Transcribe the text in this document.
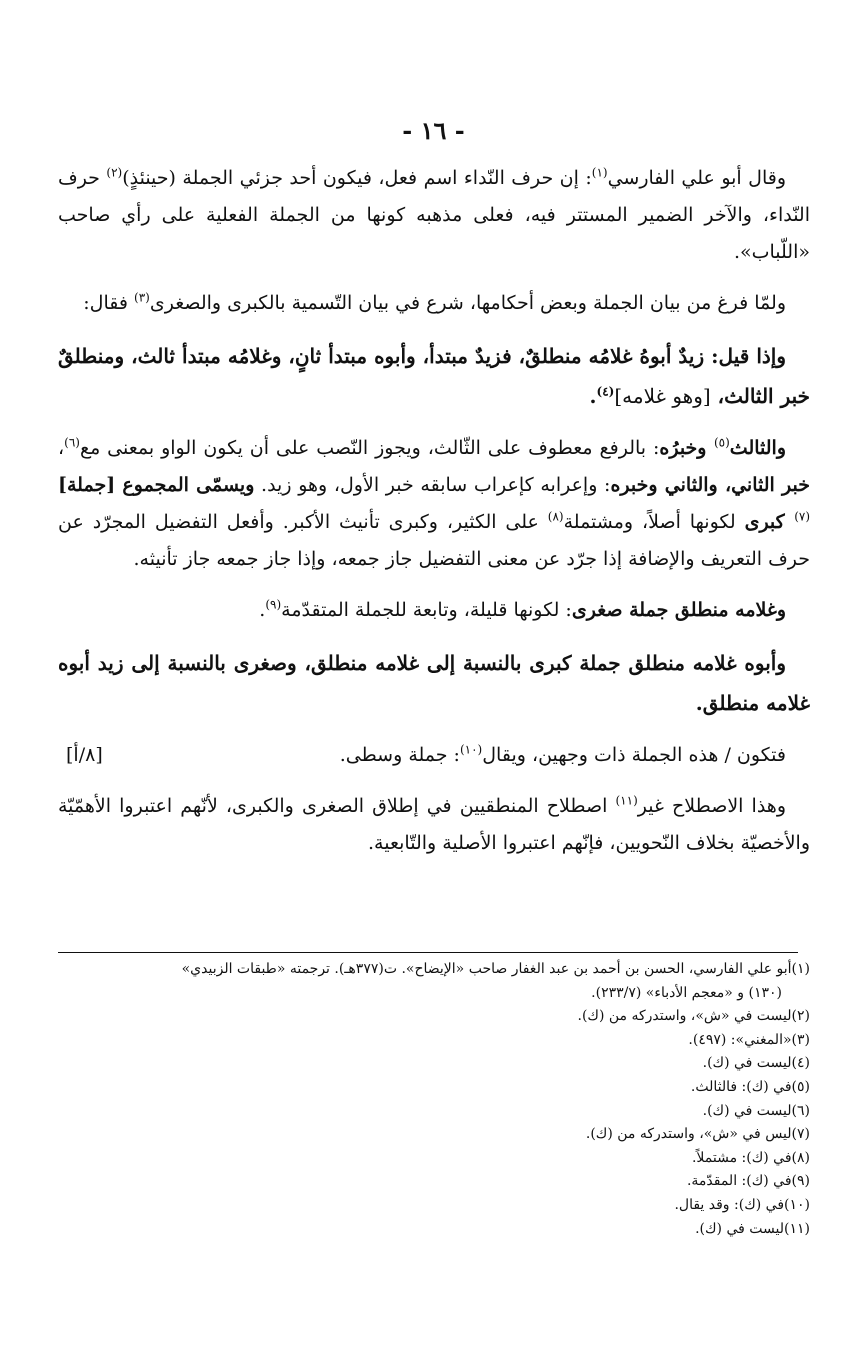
- ١٦ -

وقال أبو علي الفارسي$^{(١)}$: إن حرف النّداء اسم فعل، فيكون أحد جزئي الجملة (حينئذٍ)$^{(٢)}$ حرف النّداء، والآخر الضمير المستتر فيه، فعلى مذهبه كونها من الجملة الفعلية على رأي صاحب «اللّباب».

ولمّا فرغ من بيان الجملة وبعض أحكامها، شرع في بيان التّسمية بالكبرى والصغرى$^{(٣)}$ فقال:

وإذا قيل: زيدٌ أبوهُ غلامُه منطلقٌ، فزيدٌ مبتدأ، وأبوه مبتدأ ثانٍ، وغلامُه مبتدأ ثالث، ومنطلقٌ خبر الثالث، [وهو غلامه]$^{(٤)}$.

والثالث$^{(٥)}$ وخبرُه: بالرفع معطوف على الثّالث، ويجوز النّصب على أن يكون الواو بمعنى مع$^{(٦)}$، خبر الثاني، والثاني وخبره: وإعرابه كإعراب سابقه خبر الأول، وهو زيد. ويسمّى المجموع [جملة]$^{(٧)}$ كبرى لكونها أصلاً، ومشتملة$^{(٨)}$ على الكثير، وكبرى تأنيث الأكبر. وأفعل التفضيل المجرّد عن حرف التعريف والإضافة إذا جرّد عن معنى التفضيل جاز جمعه، وإذا جاز جمعه جاز تأنيثه.

وغلامه منطلق جملة صغرى: لكونها قليلة، وتابعة للجملة المتقدّمة$^{(٩)}$.

وأبوه غلامه منطلق جملة كبرى بالنسبة إلى غلامه منطلق، وصغرى بالنسبة إلى زيد أبوه غلامه منطلق.

فتكون / هذه الجملة ذات وجهين، ويقال$^{(١٠)}$: جملة وسطى.
[٨/أ]

وهذا الاصطلاح غير$^{(١١)}$ اصطلاح المنطقيين في إطلاق الصغرى والكبرى، لأنّهم اعتبروا الأهمّيّة والأخصيّة بخلاف النّحويين، فإنّهم اعتبروا الأصلية والتّابعية.

(١)أبو علي الفارسي، الحسن بن أحمد بن عبد الغفار صاحب «الإيضاح». ت(٣٧٧هـ). ترجمته «طبقات الزبيدي»

(١٣٠) و «معجم الأدباء» (٢٣٣/٧).

(٢)ليست في «ش»، واستدركه من (ك).

(٣)«المغني»: (٤٩٧).

(٤)ليست في (ك).

(٥)في (ك): فالثالث.

(٦)ليست في (ك).

(٧)ليس في «ش»، واستدركه من (ك).

(٨)في (ك): مشتملاً.

(٩)في (ك): المقدّمة.

(١٠)في (ك): وقد يقال.

(١١)ليست في (ك).
